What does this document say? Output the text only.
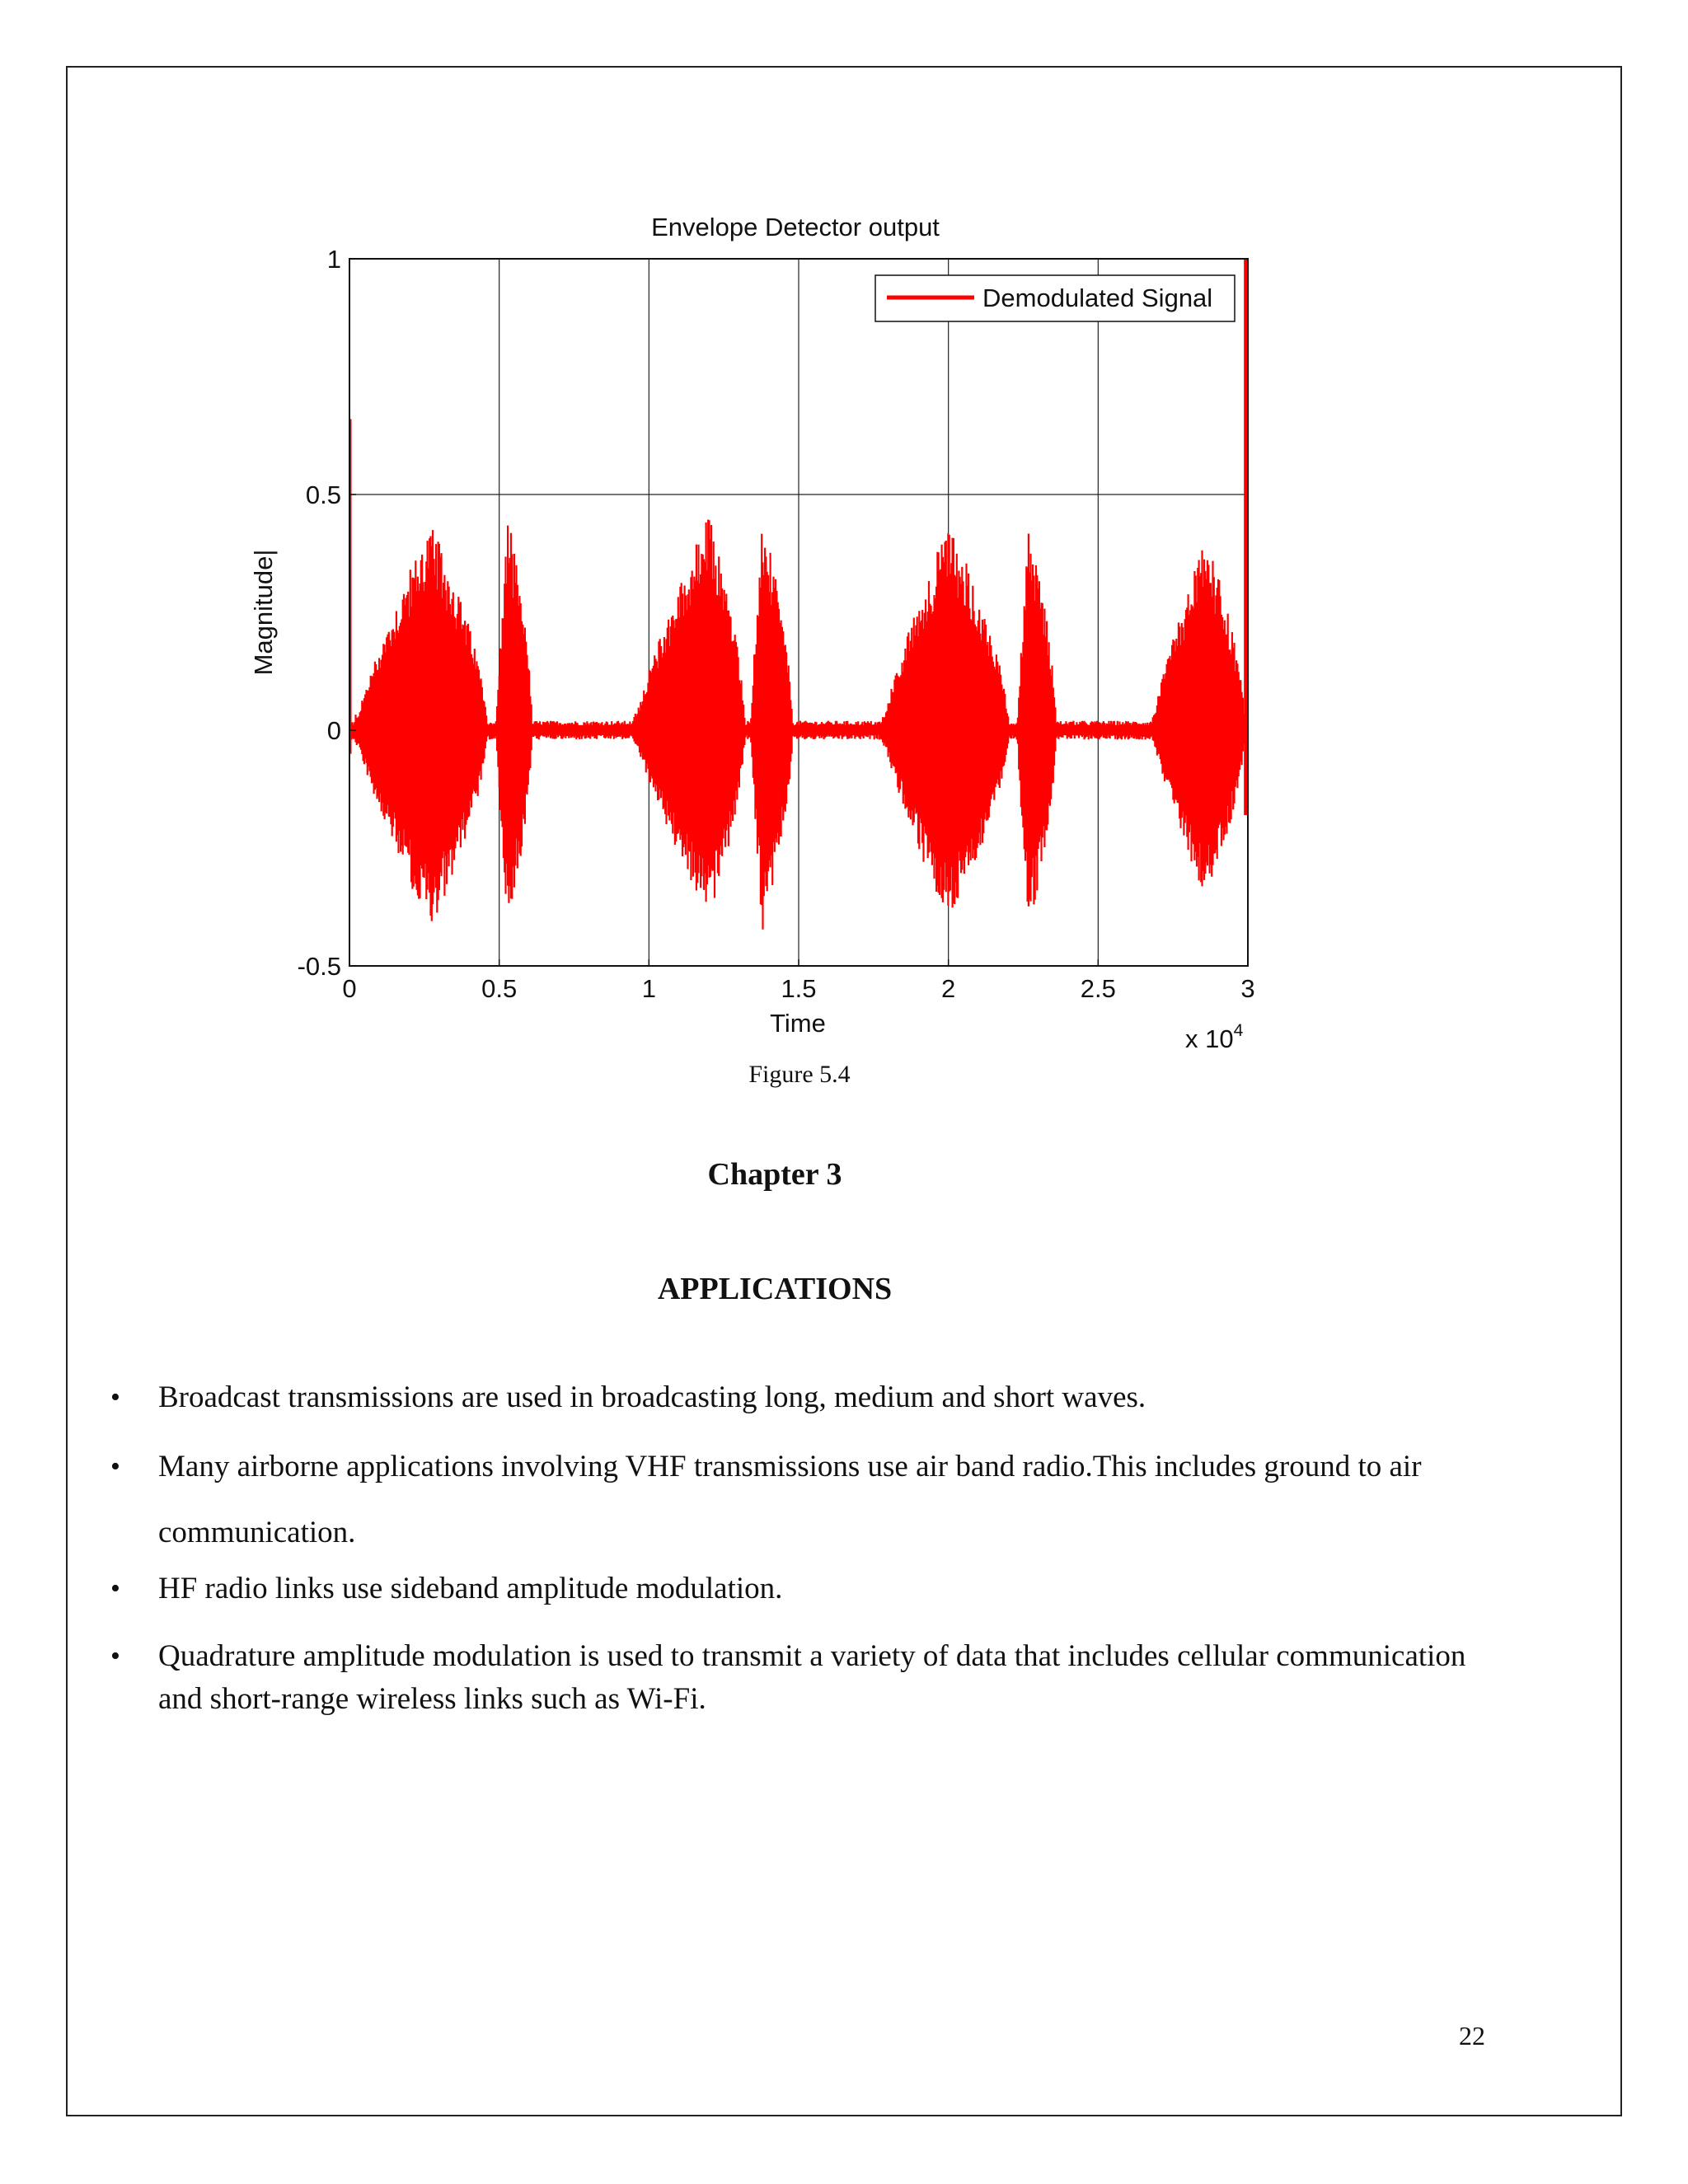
0	0.5	1	1.5	2	2.5	3
-0.5
0
0.5
1
Envelope Detector output
Time
Magnitude|
x $10^4$
Demodulated Signal
Figure 5.4
Chapter 3
APPLICATIONS
• Broadcast transmissions are used in broadcasting long, medium and short waves.
• Many airborne applications involving VHF transmissions use air band radio.This includes ground to air communication.
• HF radio links use sideband amplitude modulation.
• Quadrature amplitude modulation is used to transmit a variety of data that includes cellular communication and short-range wireless links such as Wi-Fi.
22
